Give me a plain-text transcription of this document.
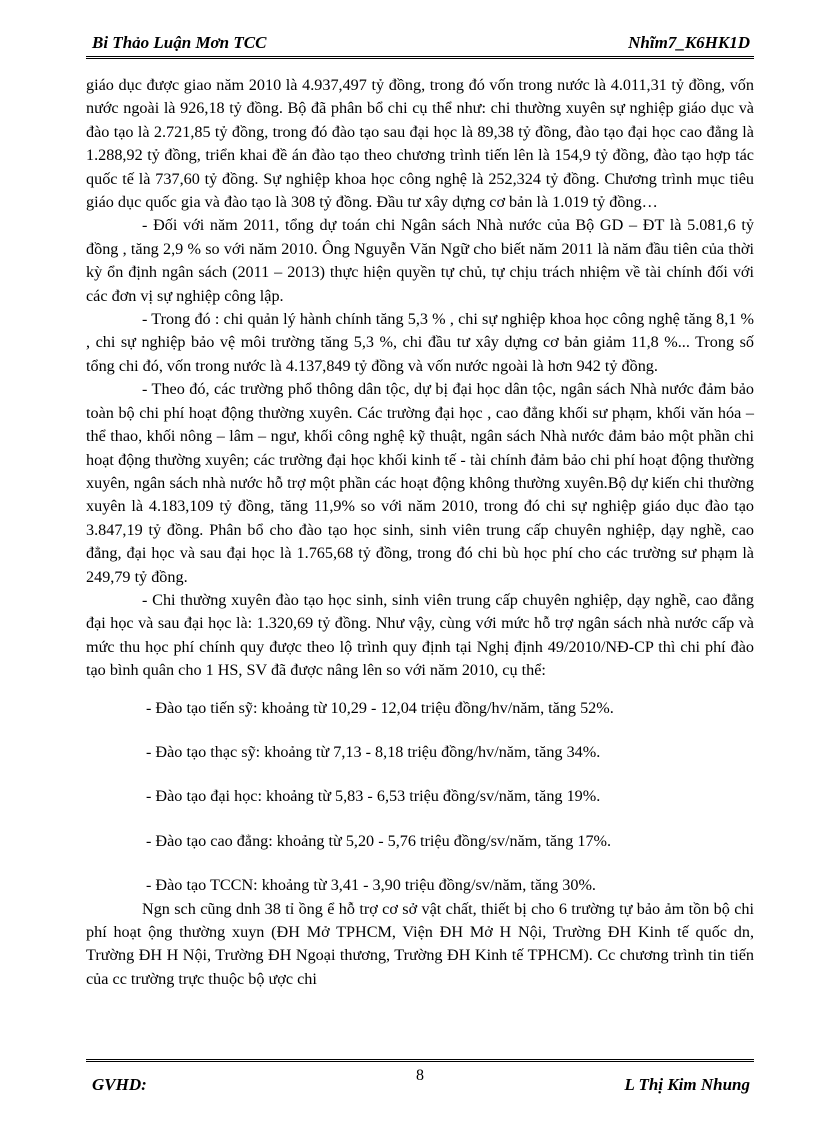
Bi Thảo Luận Mơn TCC	Nhĩm7_K6HK1D

giáo dục được giao năm 2010 là 4.937,497 tỷ đồng, trong đó vốn trong nước là 4.011,31 tỷ đồng, vốn nước ngoài là 926,18 tỷ đồng. Bộ đã phân bổ chi cụ thể như: chi thường xuyên sự nghiệp giáo dục và đào tạo là 2.721,85 tỷ đồng, trong đó đào tạo sau đại học là 89,38 tỷ đồng, đào tạo đại học cao đẳng là 1.288,92 tỷ đồng, triển khai đề án đào tạo theo chương trình tiến lên là 154,9 tỷ đồng, đào tạo hợp tác quốc tế là 737,60 tỷ đồng. Sự nghiệp khoa học công nghệ là 252,324 tỷ đồng. Chương trình mục tiêu giáo dục quốc gia và đào tạo là 308 tỷ đồng. Đầu tư xây dựng cơ bản là 1.019 tỷ đồng…

- Đối với năm 2011, tổng dự toán chi Ngân sách Nhà nước của Bộ GD – ĐT là 5.081,6 tỷ đồng , tăng 2,9 % so với năm 2010. Ông Nguyễn Văn Ngữ cho biết năm 2011 là năm đầu tiên của thời kỳ ổn định ngân sách (2011 – 2013) thực hiện quyền tự chủ, tự chịu trách nhiệm về tài chính đối với các đơn vị sự nghiệp công lập.

- Trong đó : chi quản lý hành chính tăng 5,3 % , chi sự nghiệp khoa học công nghệ tăng 8,1 % , chi sự nghiệp bảo vệ môi trường tăng 5,3 %, chi đầu tư xây dựng cơ bản giảm 11,8 %... Trong số tổng chi đó, vốn trong nước là 4.137,849 tỷ đồng và vốn nước ngoài là hơn 942 tỷ đồng.

- Theo đó, các trường phổ thông dân tộc, dự bị đại học dân tộc, ngân sách Nhà nước đảm bảo toàn bộ chi phí hoạt động thường xuyên. Các trường đại học , cao đẳng khối sư phạm, khối văn hóa – thể thao, khối nông – lâm – ngư, khối công nghệ kỹ thuật, ngân sách Nhà nước đảm bảo một phần chi hoạt động thường xuyên; các trường đại học khối kinh tế - tài chính đảm bảo chi phí hoạt động thường xuyên, ngân sách nhà nước hỗ trợ một phần các hoạt động không thường xuyên.Bộ dự kiến chi thường xuyên là 4.183,109 tỷ đồng, tăng 11,9% so với năm 2010, trong đó chi sự nghiệp giáo dục đào tạo 3.847,19 tỷ đồng. Phân bổ cho đào tạo học sinh, sinh viên trung cấp chuyên nghiệp, dạy nghề, cao đẳng, đại học và sau đại học là 1.765,68 tỷ đồng, trong đó chi bù học phí cho các trường sư phạm là 249,79 tỷ đồng.

- Chi thường xuyên đào tạo học sinh, sinh viên trung cấp chuyên nghiệp, dạy nghề, cao đẳng đại học và sau đại học là: 1.320,69 tỷ đồng. Như vậy, cùng với mức hỗ trợ ngân sách nhà nước cấp và mức thu học phí chính quy được theo lộ trình quy định tại Nghị định 49/2010/NĐ-CP thì chi phí đào tạo bình quân cho 1 HS, SV đã được nâng lên so với năm 2010, cụ thể:

- Đào tạo tiến sỹ: khoảng từ 10,29 - 12,04 triệu đồng/hv/năm, tăng 52%.

- Đào tạo thạc sỹ: khoảng từ 7,13 - 8,18 triệu đồng/hv/năm, tăng 34%.

- Đào tạo đại học: khoảng từ 5,83 - 6,53 triệu đồng/sv/năm, tăng 19%.

- Đào tạo cao đẳng: khoảng từ 5,20 - 5,76 triệu đồng/sv/năm, tăng 17%.

- Đào tạo TCCN: khoảng từ 3,41 - 3,90 triệu đồng/sv/năm, tăng 30%.

Ngn sch cũng dnh 38 tỉ ồng ể hỗ trợ cơ sở vật chất, thiết bị cho 6 trường tự bảo ảm tồn bộ chi phí hoạt ộng thường xuyn (ĐH Mở TPHCM, Viện ĐH Mở H Nội, Trường ĐH Kinh tế quốc dn, Trường ĐH H Nội, Trường ĐH Ngoại thương, Trường ĐH Kinh tế TPHCM). Cc chương trình tin tiến của cc trường trực thuộc bộ ược chi

GVHD:	8	L Thị Kim Nhung
